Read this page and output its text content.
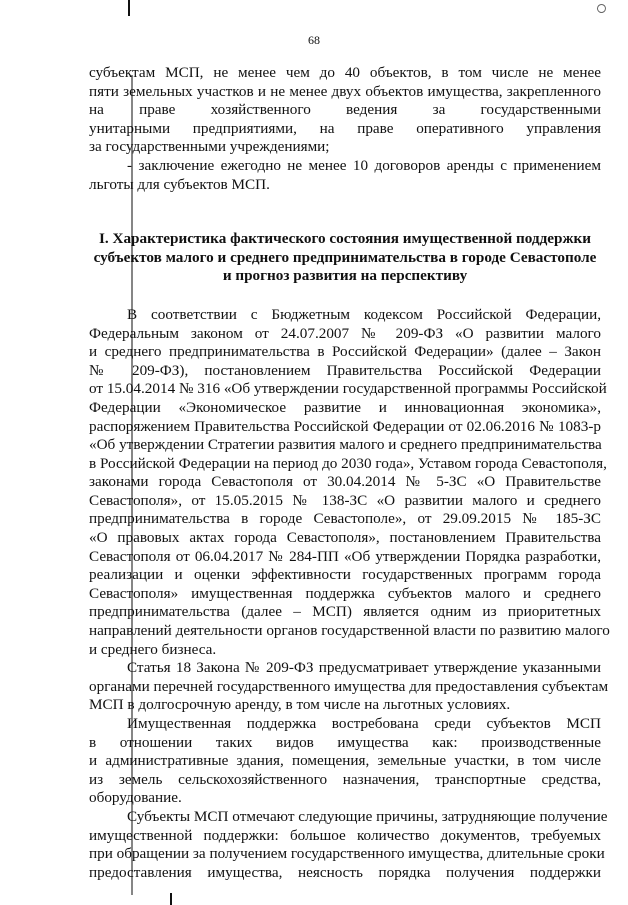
68

субъектам МСП, не менее чем до 40 объектов, в том числе не менее

пяти земельных участков и не менее двух объектов имущества, закрепленного

на праве хозяйственного ведения за государственными

унитарными предприятиями, на праве оперативного управления

за государственными учреждениями;

- заключение ежегодно не менее 10 договоров аренды с применением

льготы для субъектов МСП.

I. Характеристика фактического состояния имущественной поддержки
субъектов малого и среднего предпринимательства в городе Севастополе
и прогноз развития на перспективу

В соответствии с Бюджетным кодексом Российской Федерации,

Федеральным законом от 24.07.2007 № 209-ФЗ «О развитии малого

и среднего предпринимательства в Российской Федерации» (далее – Закон

№ 209-ФЗ), постановлением Правительства Российской Федерации

от 15.04.2014 № 316 «Об утверждении государственной программы Российской

Федерации «Экономическое развитие и инновационная экономика»,

распоряжением Правительства Российской Федерации от 02.06.2016 № 1083-р

«Об утверждении Стратегии развития малого и среднего предпринимательства

в Российской Федерации на период до 2030 года», Уставом города Севастополя,

законами города Севастополя от 30.04.2014 № 5-ЗС «О Правительстве

Севастополя», от 15.05.2015 № 138-ЗС «О развитии малого и среднего

предпринимательства в городе Севастополе», от 29.09.2015 № 185-ЗС

«О правовых актах города Севастополя», постановлением Правительства

Севастополя от 06.04.2017 № 284-ПП «Об утверждении Порядка разработки,

реализации и оценки эффективности государственных программ города

Севастополя» имущественная поддержка субъектов малого и среднего

предпринимательства (далее – МСП) является одним из приоритетных

направлений деятельности органов государственной власти по развитию малого

и среднего бизнеса.

Статья 18 Закона № 209-ФЗ предусматривает утверждение указанными

органами перечней государственного имущества для предоставления субъектам

МСП в долгосрочную аренду, в том числе на льготных условиях.

Имущественная поддержка востребована среди субъектов МСП

в отношении таких видов имущества как: производственные

и административные здания, помещения, земельные участки, в том числе

из земель сельскохозяйственного назначения, транспортные средства,

оборудование.

Субъекты МСП отмечают следующие причины, затрудняющие получение

имущественной поддержки: большое количество документов, требуемых

при обращении за получением государственного имущества, длительные сроки

предоставления имущества, неясность порядка получения поддержки
